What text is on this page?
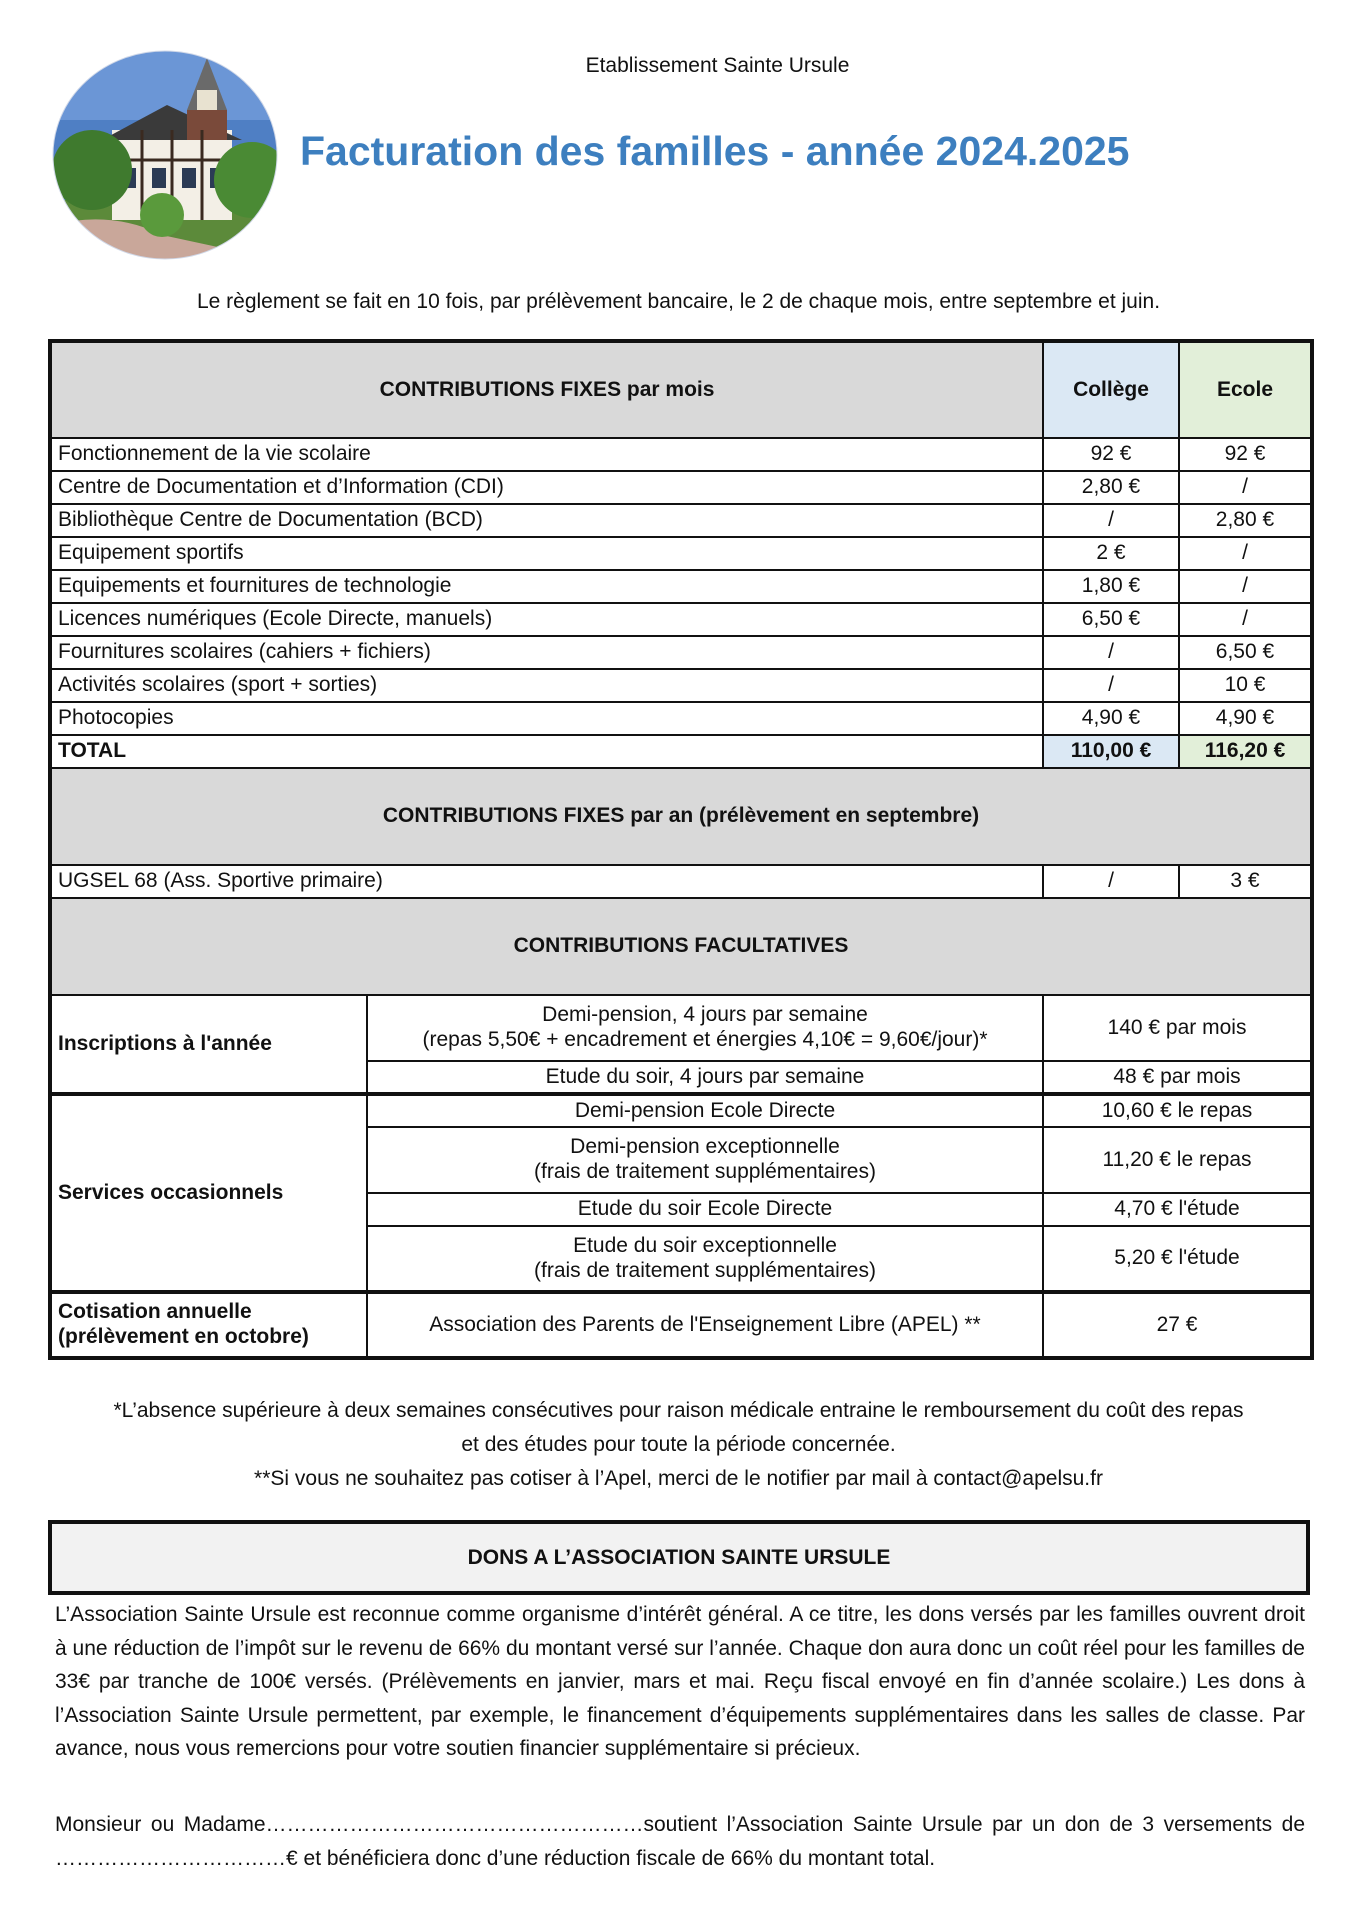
Etablissement Sainte Ursule
Facturation des familles - année 2024.2025
Le règlement se fait en 10 fois, par prélèvement bancaire, le 2 de chaque mois, entre septembre et juin.
CONTRIBUTIONS FIXES par mois		Collège	Ecole
Fonctionnement de la vie scolaire		92 €	92 €
Centre de Documentation et d’Information (CDI)		2,80 €	/
Bibliothèque Centre de Documentation (BCD)		/	2,80 €
Equipement sportifs		2 €	/
Equipements et fournitures de technologie		1,80 €	/
Licences numériques (Ecole Directe, manuels)		6,50 €	/
Fournitures scolaires (cahiers + fichiers)		/	6,50 €
Activités scolaires (sport + sorties)		/	10 €
Photocopies		4,90 €	4,90 €
TOTAL		110,00 €	116,20 €
CONTRIBUTIONS FIXES par an (prélèvement en septembre)			
UGSEL 68 (Ass. Sportive primaire)		/	3 €
CONTRIBUTIONS FACULTATIVES			
Inscriptions à l'année	Demi-pension, 4 jours par semaine
(repas 5,50€ + encadrement et énergies 4,10€ = 9,60€/jour)*	140 € par mois	
	Etude du soir, 4 jours par semaine	48 € par mois	
Services occasionnels	Demi-pension Ecole Directe	10,60 € le repas	

	Demi-pension exceptionnelle
(frais de traitement supplémentaires)	11,20 € le repas	
	Etude du soir Ecole Directe	4,70 € l'étude	

	Etude du soir exceptionnelle
(frais de traitement supplémentaires)	5,20 € l'étude	

Cotisation annuelle
(prélèvement en octobre)	Association des Parents de l'Enseignement Libre (APEL) **	27 €	
*L’absence supérieure à deux semaines consécutives pour raison médicale entraine le remboursement du coût des repas
et des études pour toute la période concernée.
**Si vous ne souhaitez pas cotiser à l’Apel, merci de le notifier par mail à contact@apelsu.fr
DONS A L’ASSOCIATION SAINTE URSULE
L’Association Sainte Ursule est reconnue comme organisme d’intérêt général. A ce titre, les dons versés par les familles ouvrent droit à une réduction de l’impôt sur le revenu de 66% du montant versé sur l’année. Chaque don aura donc un coût réel pour les familles de 33€ par tranche de 100€ versés. (Prélèvements en janvier, mars et mai. Reçu fiscal envoyé en fin d’année scolaire.) Les dons à l’Association Sainte Ursule permettent, par exemple, le financement d’équipements supplémentaires dans les salles de classe. Par avance, nous vous remercions pour votre soutien financier supplémentaire si précieux.
Monsieur ou Madame………………………………………………soutient l’Association Sainte Ursule par un don de 3 versements de ……………………………€ et bénéficiera donc d’une réduction fiscale de 66% du montant total.
